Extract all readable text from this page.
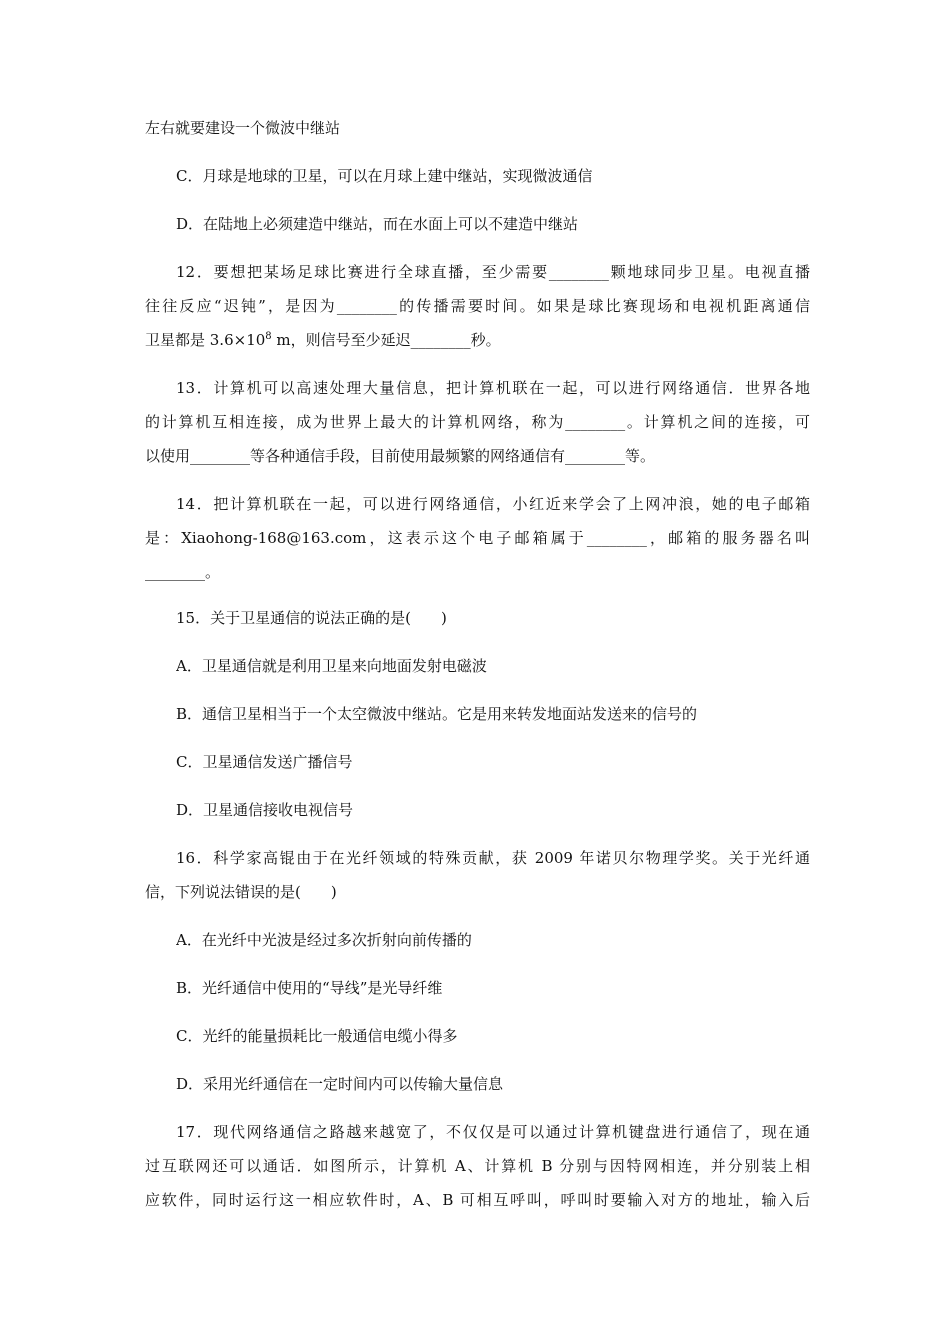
左右就要建设一个微波中继站
C．月球是地球的卫星，可以在月球上建中继站，实现微波通信
D．在陆地上必须建造中继站，而在水面上可以不建造中继站
12．要想把某场足球比赛进行全球直播，至少需要________颗地球同步卫星。电视直播
往往反应“迟钝”，是因为________的传播需要时间。如果是球比赛现场和电视机距离通信
卫星都是 $3.6\times 10^8$ m，则信号至少延迟________秒。
13．计算机可以高速处理大量信息，把计算机联在一起，可以进行网络通信．世界各地
的计算机互相连接，成为世界上最大的计算机网络，称为________。计算机之间的连接，可
以使用________等各种通信手段，目前使用最频繁的网络通信有________等。
14．把计算机联在一起，可以进行网络通信，小红近来学会了上网冲浪，她的电子邮箱
是：Xiaohong-168@163.com，这表示这个电子邮箱属于________，邮箱的服务器名叫
________。
15．关于卫星通信的说法正确的是(　　)
A．卫星通信就是利用卫星来向地面发射电磁波
B．通信卫星相当于一个太空微波中继站。它是用来转发地面站发送来的信号的
C．卫星通信发送广播信号
D．卫星通信接收电视信号
16．科学家高锟由于在光纤领域的特殊贡献，获 2009 年诺贝尔物理学奖。关于光纤通
信，下列说法错误的是(　　)
A．在光纤中光波是经过多次折射向前传播的
B．光纤通信中使用的“导线”是光导纤维
C．光纤的能量损耗比一般通信电缆小得多
D．采用光纤通信在一定时间内可以传输大量信息
17．现代网络通信之路越来越宽了，不仅仅是可以通过计算机键盘进行通信了，现在通
过互联网还可以通话．如图所示，计算机 A、计算机 B 分别与因特网相连，并分别装上相
应软件，同时运行这一相应软件时，A、B 可相互呼叫，呼叫时要输入对方的地址，输入后
